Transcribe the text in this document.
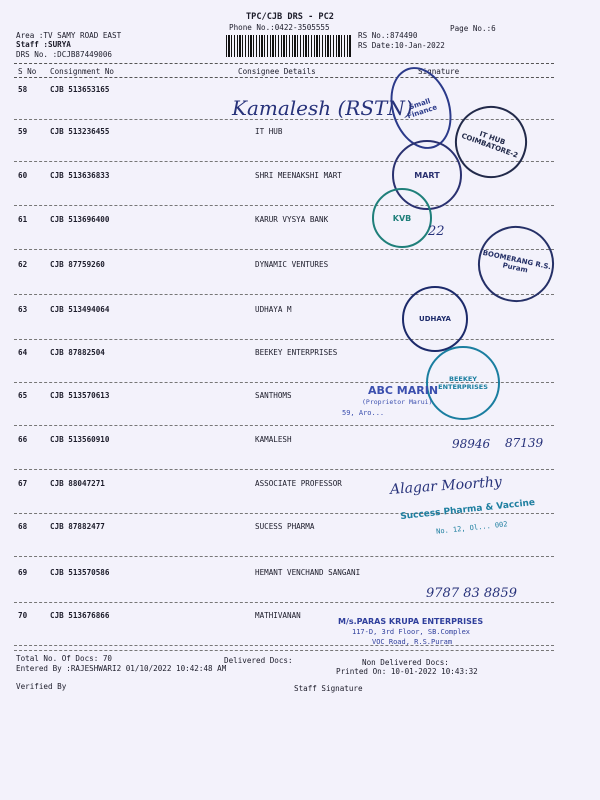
TPC/CJB DRS - PC2
Phone No.:0422-3505555	Page No.:6
Area :TV SAMY ROAD EAST
Staff :SURYA
DRS No. :DCJB87449006
RS No.:874490
RS Date:10-Jan-2022
S No Consignment No	Consignee Details	Signature
58	CJB 513653165
59	CJB 513236455	IT HUB
60	CJB 513636833	SHRI MEENAKSHI MART
61	CJB 513696400	KARUR VYSYA BANK
62	CJB 87759260	DYNAMIC VENTURES
63	CJB 513494064	UDHAYA M
64	CJB 87882504	BEEKEY ENTERPRISES
65	CJB 513570613	SANTHOMS
66	CJB 513560910	KAMALESH
67	CJB 88047271	ASSOCIATE PROFESSOR
68	CJB 87882477	SUCESS PHARMA
69	CJB 513570586	HEMANT VENCHAND SANGANI
70	CJB 513676866	MATHIVANAN
Small Finance
IT HUB COIMBATORE-2
MART
KVB
BOOMERANG R.S. Puram
UDHAYA
BEEKEY ENTERPRISES
ABC MARIN
(Proprietor Marui)
59, Aro...
Success Pharma & Vaccine
No. 12, Ol... 002
M/s.PARAS KRUPA ENTERPRISES
117-D, 3rd Floor, SB.Complex
VOC Road, R.S.Puram
Kamalesh (RSTN)
22
98946 87139
Alagar Moorthy
9787 83 8859
Total No. Of Docs: 70	Delivered Docs:	Non Delivered Docs:
Entered By :RAJESHWARI2 01/10/2022 10:42:48 AM	Printed On: 10-01-2022 10:43:32
Verified By	Staff Signature
